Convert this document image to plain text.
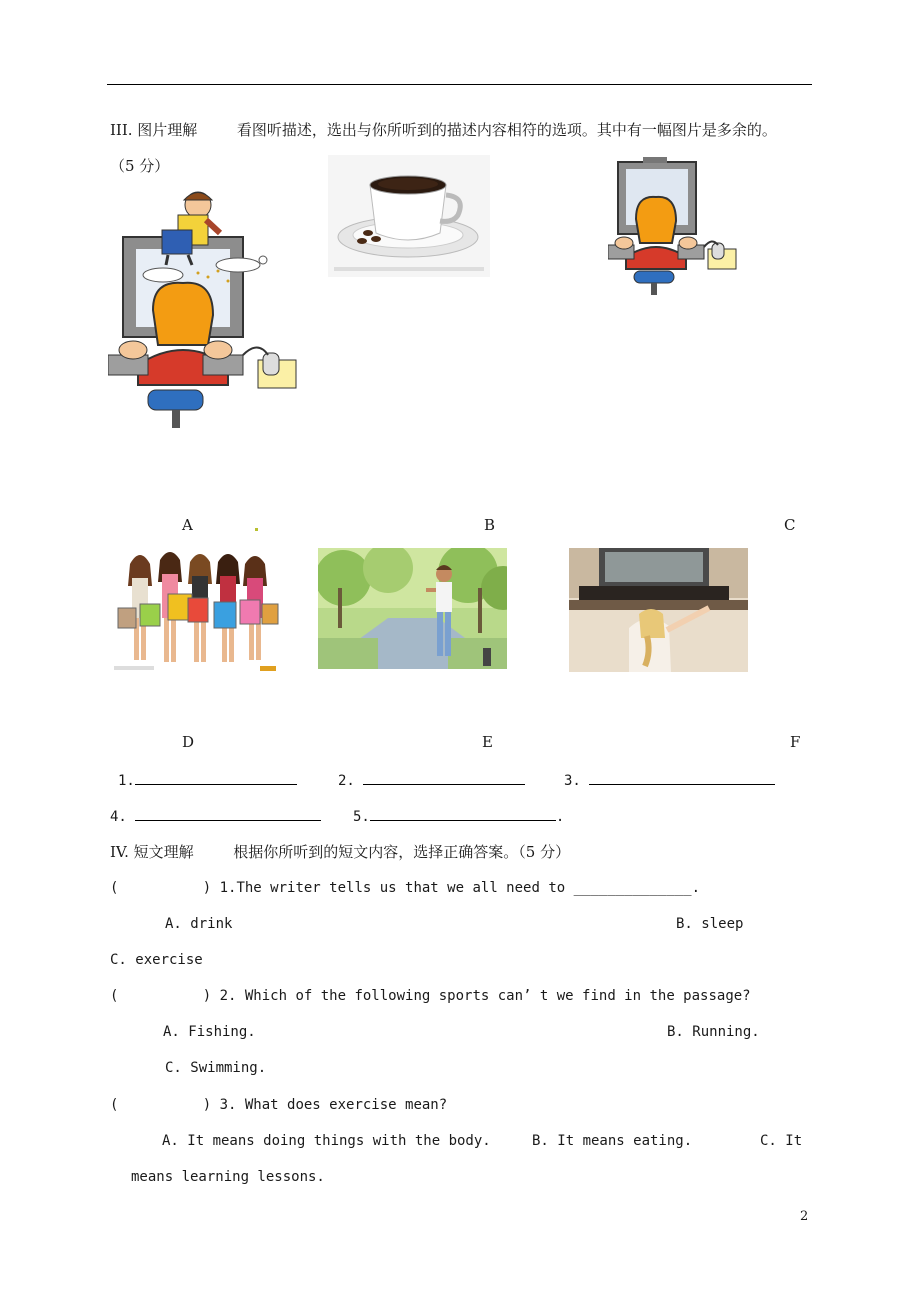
III. 图片理解	看图听描述，选出与你所听到的描述内容相符的选项。其中有一幅图片是多余的。
（5 分）
A	B	C
D	E	F
1.	2.	3.
4.	5.	.
IV. 短文理解	根据你所听到的短文内容，选择正确答案。（5 分）
(          ) 1.The writer tells us that we all need to ______________.
A. drink	B. sleep
C. exercise
(          ) 2. Which of the following sports can’ t we find in the passage?
A. Fishing.	B. Running.
C. Swimming.
(          ) 3. What does exercise mean?
A. It means doing things with the body.	B. It means eating.	C. It
means learning lessons.
2
